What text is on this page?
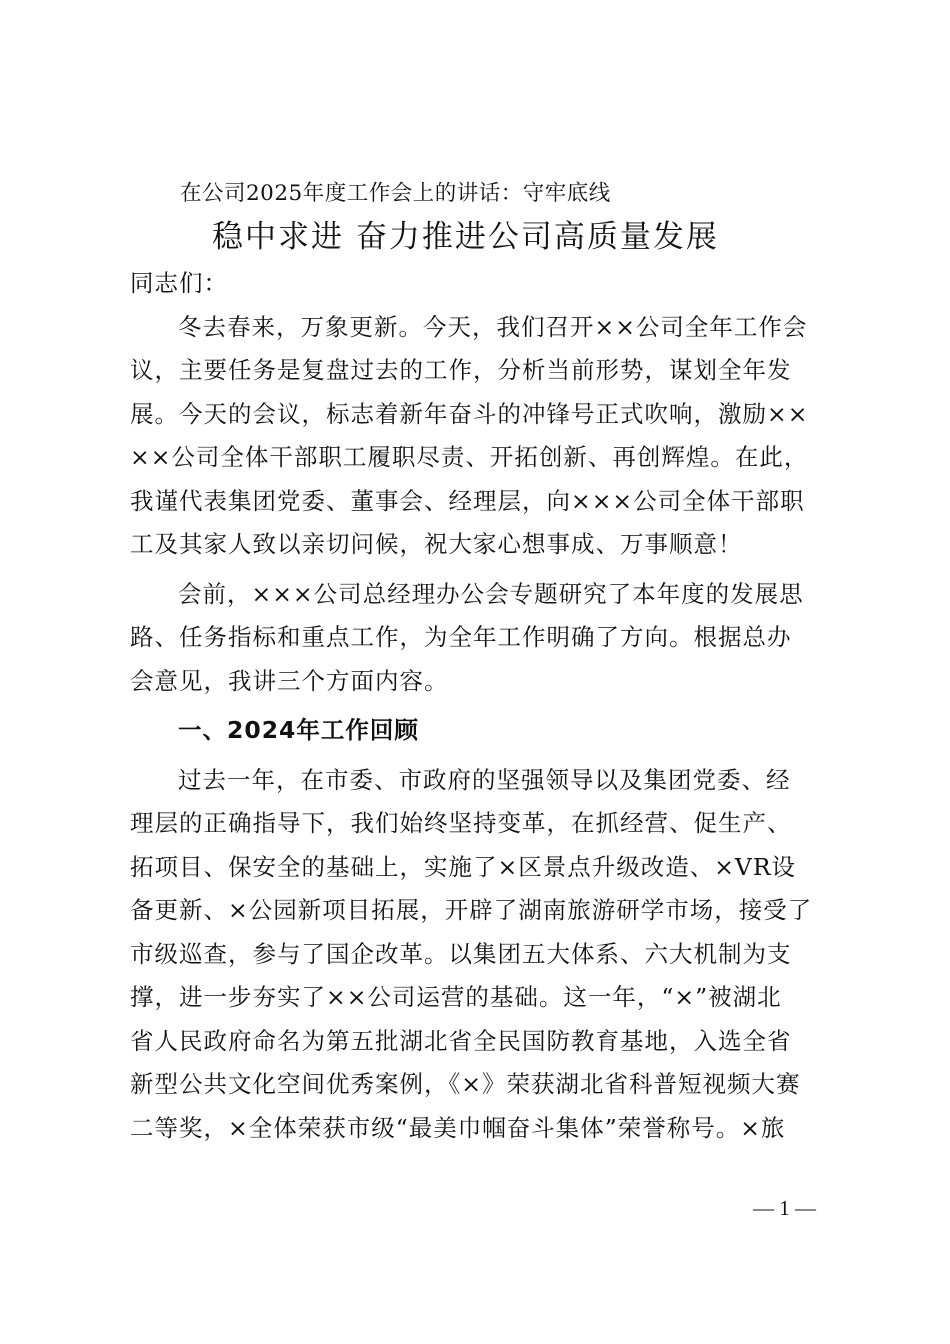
在公司2025年度工作会上的讲话：守牢底线
稳中求进 奋力推进公司高质量发展
同志们：
冬去春来，万象更新。今天，我们召开××公司全年工作会
议，主要任务是复盘过去的工作，分析当前形势，谋划全年发
展。今天的会议，标志着新年奋斗的冲锋号正式吹响，激励××
××公司全体干部职工履职尽责、开拓创新、再创辉煌。在此，
我谨代表集团党委、董事会、经理层，向×××公司全体干部职
工及其家人致以亲切问候，祝大家心想事成、万事顺意！
会前，×××公司总经理办公会专题研究了本年度的发展思
路、任务指标和重点工作，为全年工作明确了方向。根据总办
会意见，我讲三个方面内容。
一、2024年工作回顾
过去一年，在市委、市政府的坚强领导以及集团党委、经
理层的正确指导下，我们始终坚持变革，在抓经营、促生产、
拓项目、保安全的基础上，实施了×区景点升级改造、×VR设
备更新、×公园新项目拓展，开辟了湖南旅游研学市场，接受了
市级巡查，参与了国企改革。以集团五大体系、六大机制为支
撑，进一步夯实了××公司运营的基础。这一年，“×”被湖北
省人民政府命名为第五批湖北省全民国防教育基地，入选全省
新型公共文化空间优秀案例，《×》荣获湖北省科普短视频大赛
二等奖，×全体荣获市级“最美巾帼奋斗集体”荣誉称号。×旅
— 1 —
